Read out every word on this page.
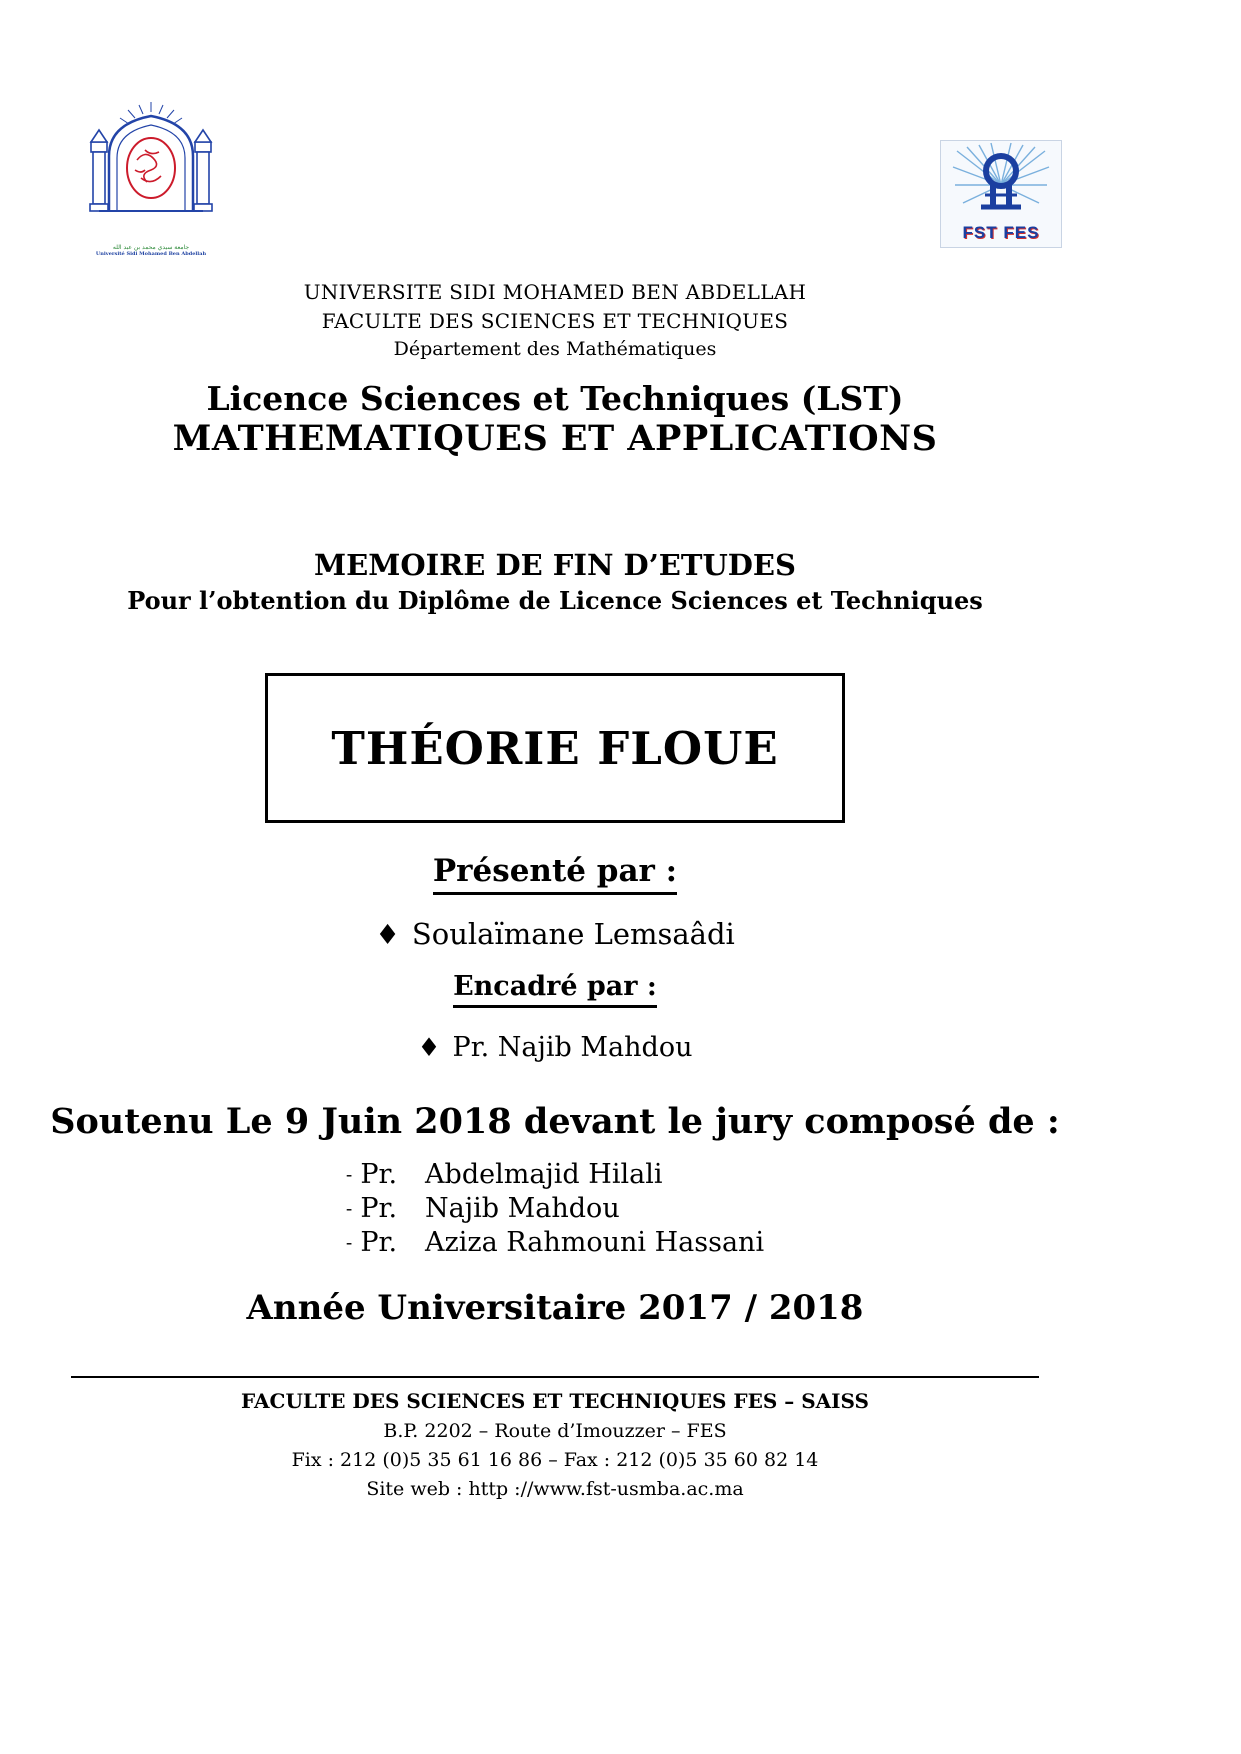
جامعة سيدي محمد بن عبد الله
Université Sidi Mohamed Ben Abdellah
FST FES
UNIVERSITE SIDI MOHAMED BEN ABDELLAH
FACULTE DES SCIENCES ET TECHNIQUES
Département des Mathématiques
Licence Sciences et Techniques (LST)
MATHEMATIQUES ET APPLICATIONS
MEMOIRE DE FIN D’ETUDES
Pour l’obtention du Diplôme de Licence Sciences et Techniques
THÉORIE FLOUE
Présenté par :
♦ Soulaïmane Lemsaâdi
Encadré par :
♦ Pr. Najib Mahdou
Soutenu Le 9 Juin 2018 devant le jury composé de :
- Pr. Abdelmajid Hilali
- Pr. Najib Mahdou
- Pr. Aziza Rahmouni Hassani
Année Universitaire 2017 / 2018
FACULTE DES SCIENCES ET TECHNIQUES FES – SAISS
B.P. 2202 – Route d’Imouzzer – FES
Fix : 212 (0)5 35 61 16 86 – Fax : 212 (0)5 35 60 82 14
Site web : http ://www.fst-usmba.ac.ma
